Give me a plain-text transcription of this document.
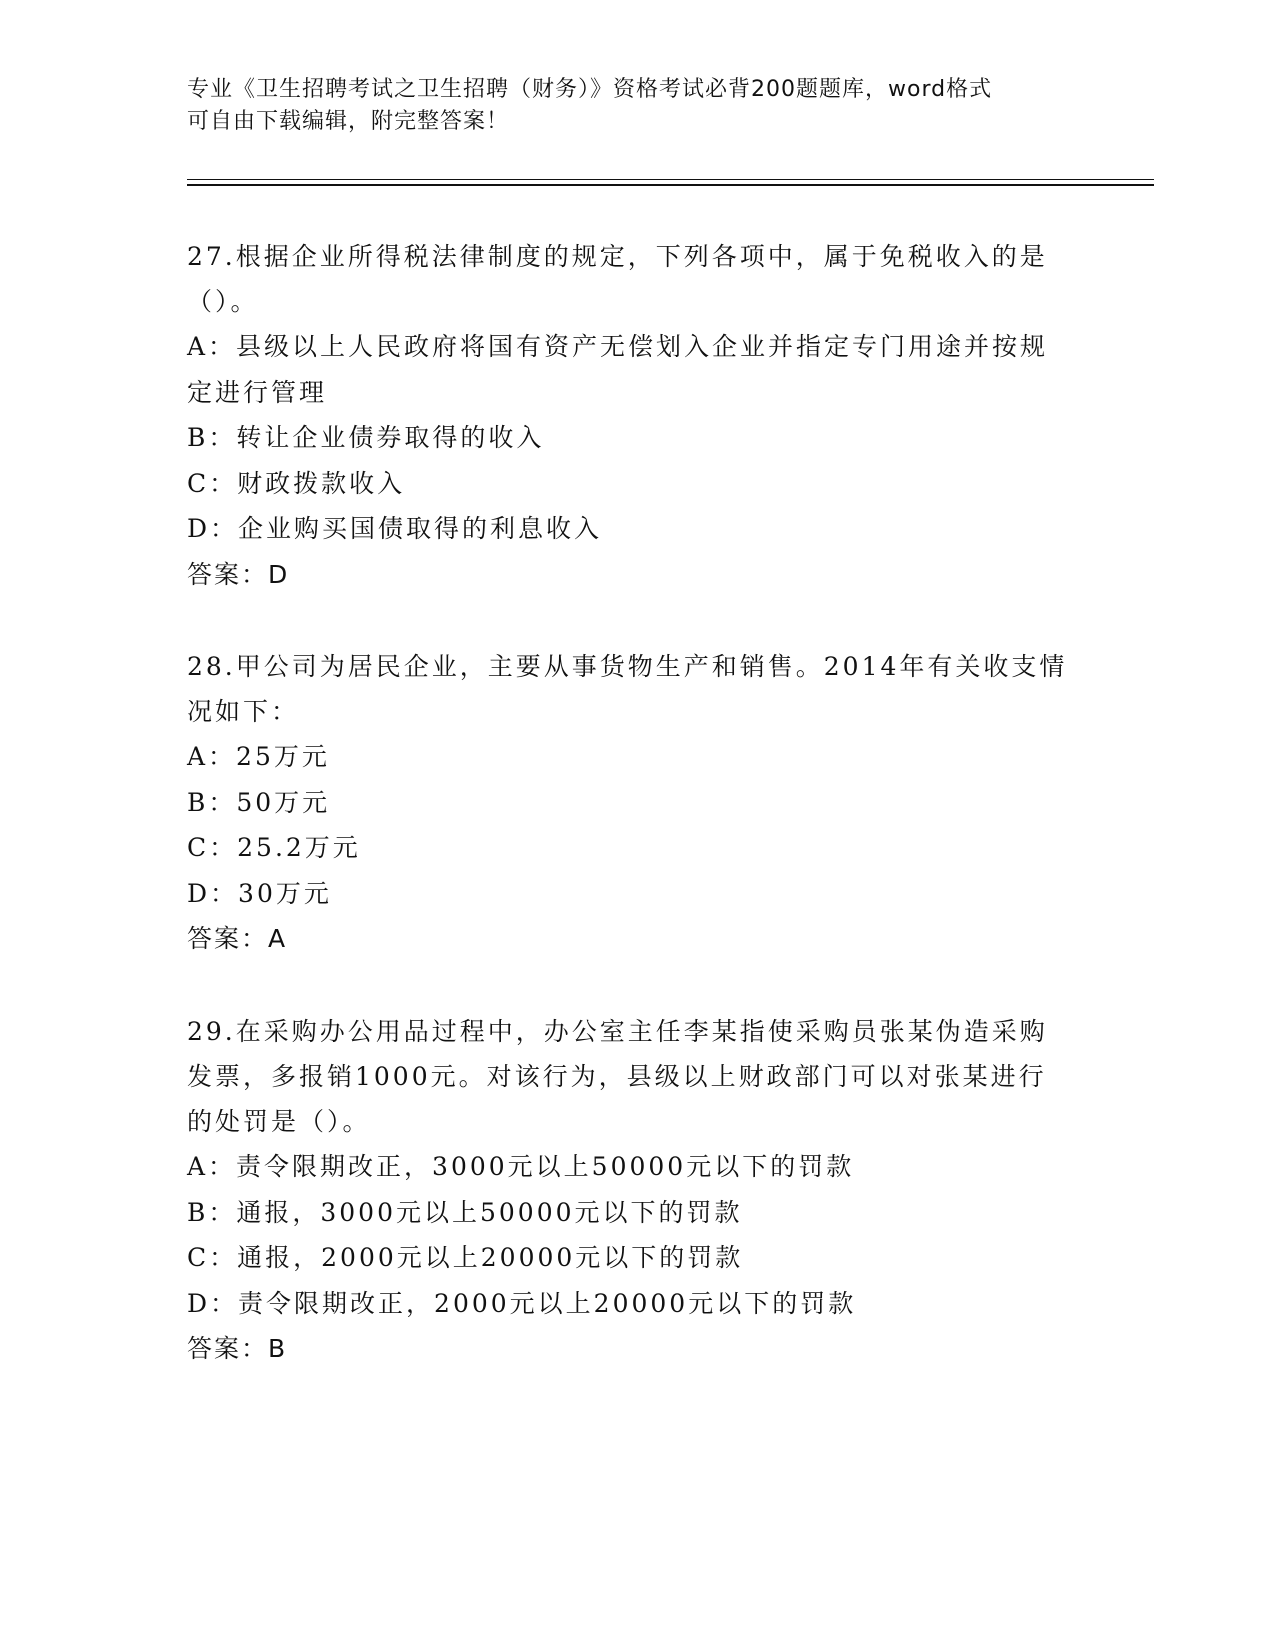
专业《卫生招聘考试之卫生招聘（财务）》资格考试必背200题题库，word格式
可自由下载编辑，附完整答案！
27.根据企业所得税法律制度的规定，下列各项中，属于免税收入的是
（）。
A：县级以上人民政府将国有资产无偿划入企业并指定专门用途并按规
定进行管理
B：转让企业债券取得的收入
C：财政拨款收入
D：企业购买国债取得的利息收入
答案：D
28.甲公司为居民企业，主要从事货物生产和销售。2014年有关收支情
况如下：
A：25万元
B：50万元
C：25.2万元
D：30万元
答案：A
29.在采购办公用品过程中，办公室主任李某指使采购员张某伪造采购
发票，多报销1000元。对该行为，县级以上财政部门可以对张某进行
的处罚是（）。
A：责令限期改正，3000元以上50000元以下的罚款
B：通报，3000元以上50000元以下的罚款
C：通报，2000元以上20000元以下的罚款
D：责令限期改正，2000元以上20000元以下的罚款
答案：B
